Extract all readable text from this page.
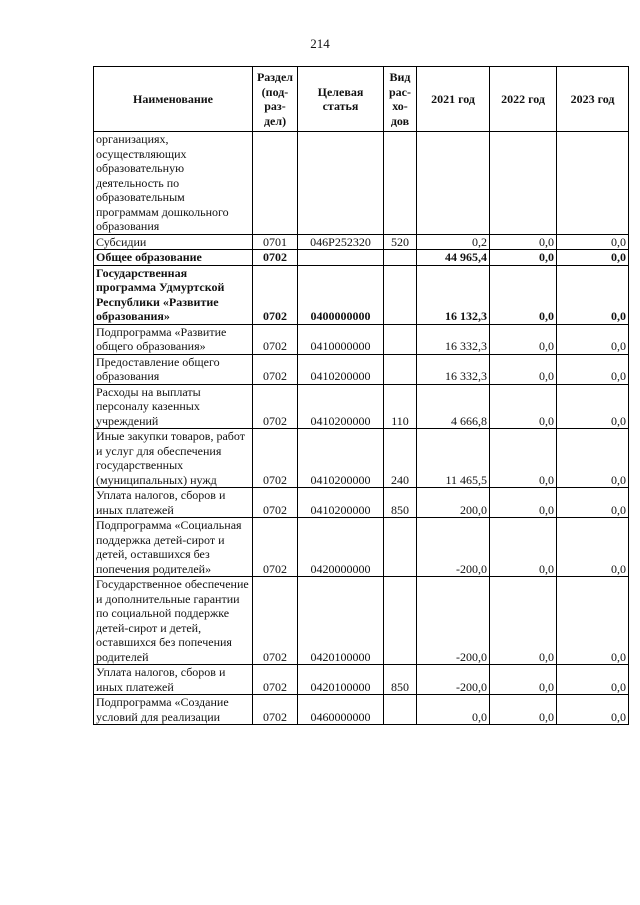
214
Наименование	Раздел (под-раз-дел)	Целевая статья	Вид рас-хо-дов	2021 год	2022 год	2023 год
организациях, осуществляющих образовательную деятельность по образовательным программам дошкольного образования						
Субсидии	0701	046P252320	520	0,2	0,0	0,0
Общее образование	0702			44 965,4	0,0	0,0
Государственная программа Удмуртской Республики «Развитие образования»	0702	0400000000		16 132,3	0,0	0,0
Подпрограмма «Развитие общего образования»	0702	0410000000		16 332,3	0,0	0,0
Предоставление общего образования	0702	0410200000		16 332,3	0,0	0,0
Расходы на выплаты персоналу казенных учреждений	0702	0410200000	110	4 666,8	0,0	0,0
Иные закупки товаров, работ и услуг для обеспечения государственных (муниципальных) нужд	0702	0410200000	240	11 465,5	0,0	0,0
Уплата налогов, сборов и иных платежей	0702	0410200000	850	200,0	0,0	0,0
Подпрограмма «Социальная поддержка детей-сирот и детей, оставшихся без попечения родителей»	0702	0420000000		-200,0	0,0	0,0
Государственное обеспечение и дополнительные гарантии по социальной поддержке детей-сирот и детей, оставшихся без попечения родителей	0702	0420100000		-200,0	0,0	0,0
Уплата налогов, сборов и иных платежей	0702	0420100000	850	-200,0	0,0	0,0
Подпрограмма «Создание условий для реализации	0702	0460000000		0,0	0,0	0,0
